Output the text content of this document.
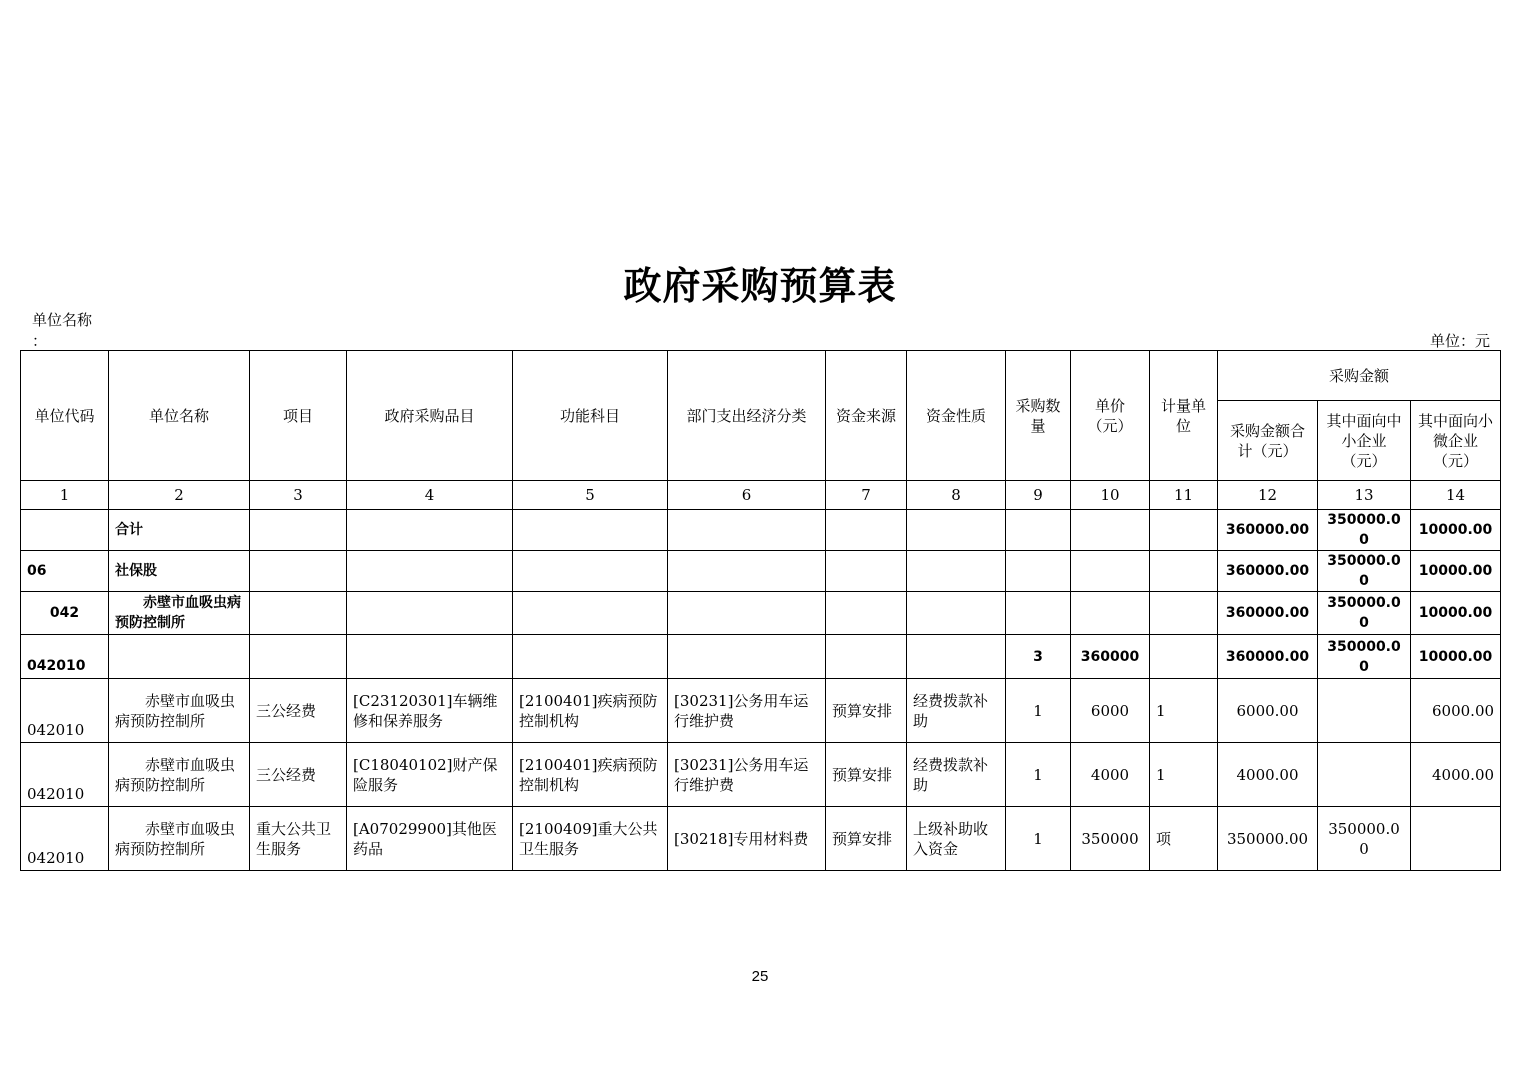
政府采购预算表
单位名称
：	单位：元
单位代码	单位名称	项目	政府采购品目	功能科目	部门支出经济分类	资金来源	资金性质	采购数量	单价（元）	计量单位	采购金额		
											采购金额合计（元）	其中面向中小企业（元）	其中面向小微企业（元）
1	2	3	4	5	6	7	8	9	10	11	12	13	14
	合计										360000.00	350000.00	10000.00
06	社保股										360000.00	350000.00	10000.00
042	赤壁市血吸虫病预防控制所										360000.00	350000.00	10000.00
042010								3	360000		360000.00	350000.00	10000.00
042010	赤壁市血吸虫病预防控制所	三公经费	[C23120301]车辆维修和保养服务	[2100401]疾病预防控制机构	[30231]公务用车运行维护费	预算安排	经费拨款补助	1	6000	1	6000.00		6000.00
042010	赤壁市血吸虫病预防控制所	三公经费	[C18040102]财产保险服务	[2100401]疾病预防控制机构	[30231]公务用车运行维护费	预算安排	经费拨款补助	1	4000	1	4000.00		4000.00
042010	赤壁市血吸虫病预防控制所	重大公共卫生服务	[A07029900]其他医药品	[2100409]重大公共卫生服务	[30218]专用材料费	预算安排	上级补助收入资金	1	350000	项	350000.00	350000.00	
25
